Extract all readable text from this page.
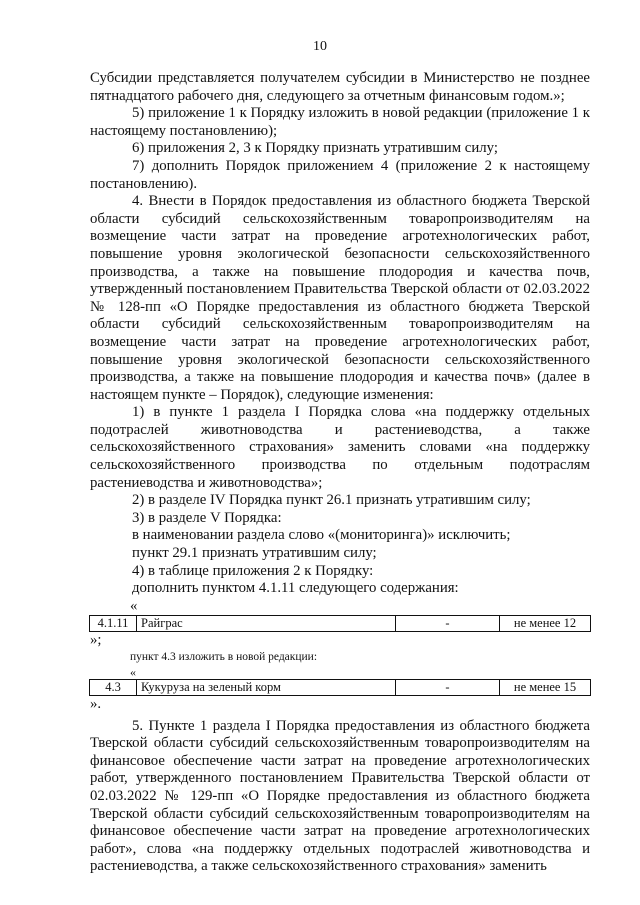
10

Субсидии представляется получателем субсидии в Министерство не позднее пятнадцатого рабочего дня, следующего за отчетным финансовым годом.»;

5) приложение 1 к Порядку изложить в новой редакции (приложение 1 к настоящему постановлению);

6) приложения 2, 3 к Порядку признать утратившим силу;

7) дополнить Порядок приложением 4 (приложение 2 к настоящему постановлению).

4. Внести в Порядок предоставления из областного бюджета Тверской области субсидий сельскохозяйственным товаропроизводителям на возмещение части затрат на проведение агротехнологических работ, повышение уровня экологической безопасности сельскохозяйственного производства, а также на повышение плодородия и качества почв, утвержденный постановлением Правительства Тверской области от 02.03.2022 № 128-пп «О Порядке предоставления из областного бюджета Тверской области субсидий сельскохозяйственным товаропроизводителям на возмещение части затрат на проведение агротехнологических работ, повышение уровня экологической безопасности сельскохозяйственного производства, а также на повышение плодородия и качества почв» (далее в настоящем пункте – Порядок), следующие изменения:

1) в пункте 1 раздела I Порядка слова «на поддержку отдельных подотраслей животноводства и растениеводства, а также сельскохозяйственного страхования» заменить словами «на поддержку сельскохозяйственного производства по отдельным подотраслям растениеводства и животноводства»;

2) в разделе IV Порядка пункт 26.1 признать утратившим силу;

3) в разделе V Порядка:

в наименовании раздела слово «(мониторинга)» исключить;

пункт 29.1 признать утратившим силу;

4) в таблице приложения 2 к Порядку:

дополнить пунктом 4.1.11 следующего содержания:

«

4.1.11	Райграс	-	не менее 12

»;

пункт 4.3 изложить в новой редакции:

«

4.3	Кукуруза на зеленый корм	-	не менее 15

».

5. Пункте 1 раздела I Порядка предоставления из областного бюджета Тверской области субсидий сельскохозяйственным товаропроизводителям на финансовое обеспечение части затрат на проведение агротехнологических работ, утвержденного постановлением Правительства Тверской области от 02.03.2022 № 129-пп «О Порядке предоставления из областного бюджета Тверской области субсидий сельскохозяйственным товаропроизводителям на финансовое обеспечение части затрат на проведение агротехнологических работ», слова «на поддержку отдельных подотраслей животноводства и растениеводства, а также сельскохозяйственного страхования» заменить
